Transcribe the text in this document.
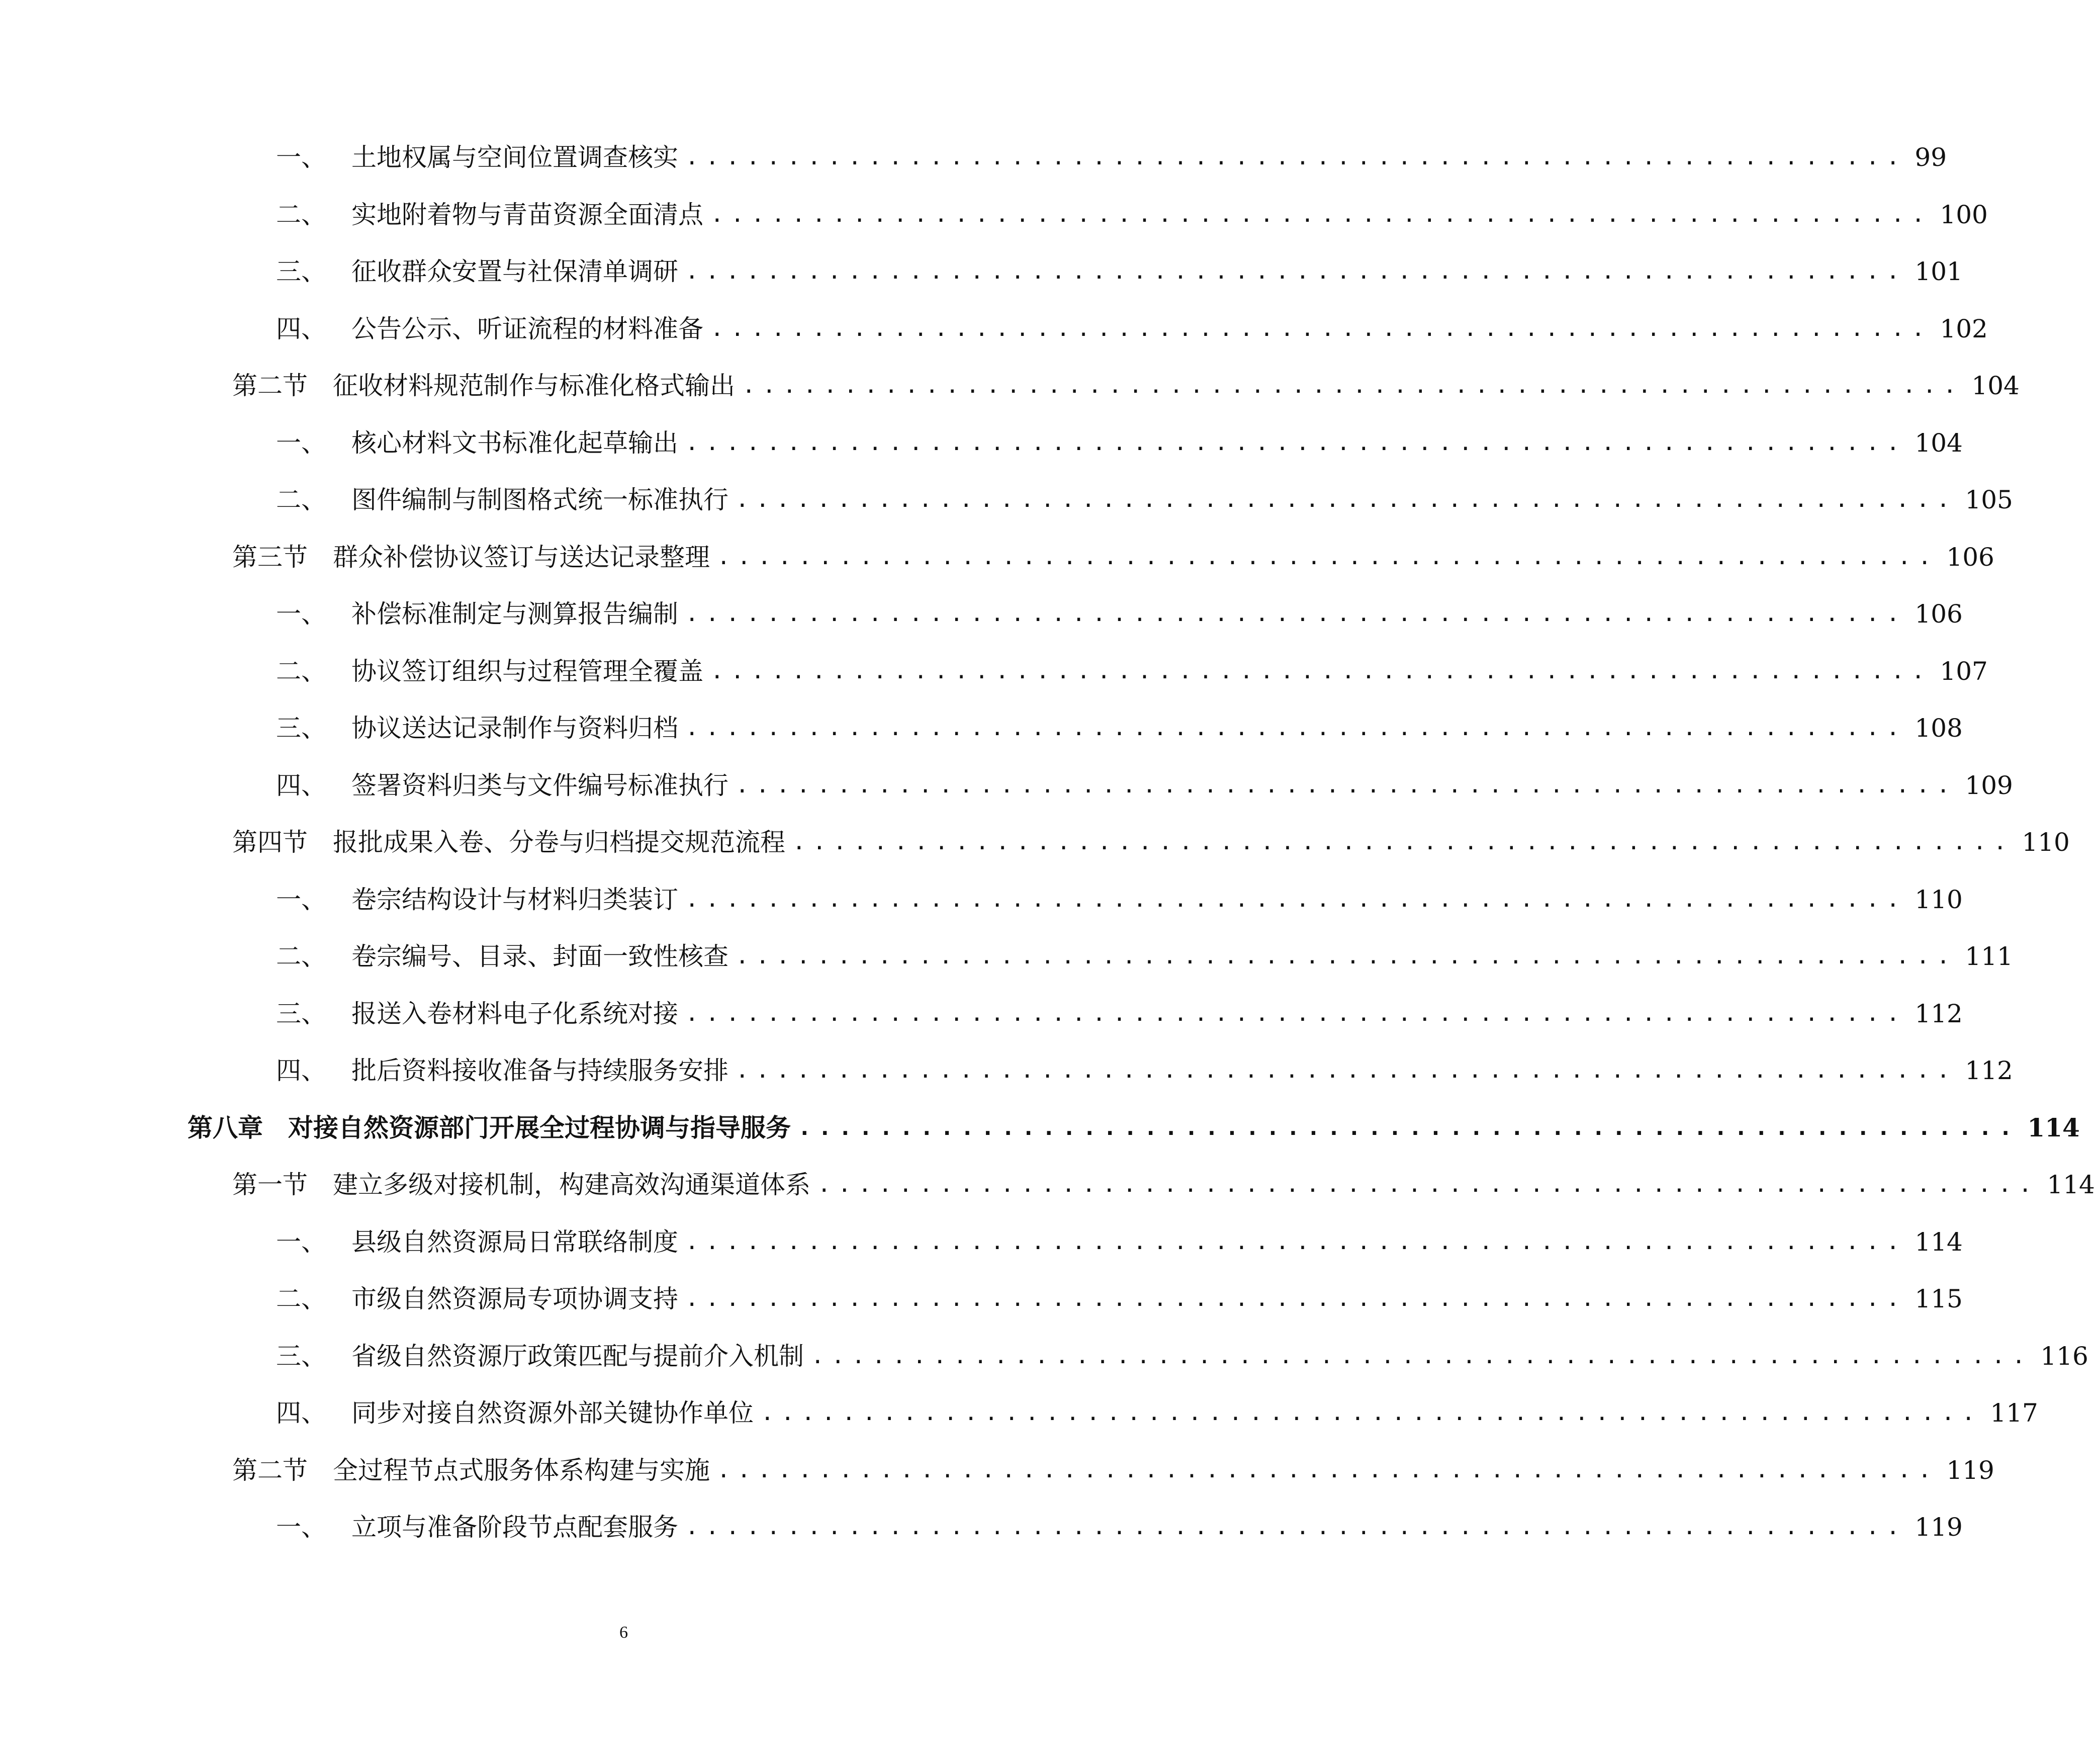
一、	土地权属与空间位置调查核实 ............................................................ 99
二、	实地附着物与青苗资源全面清点 ............................................................ 100
三、	征收群众安置与社保清单调研 ............................................................ 101
四、	公告公示、听证流程的材料准备 ............................................................ 102
第二节	征收材料规范制作与标准化格式输出 ............................................................ 104
一、	核心材料文书标准化起草输出 ............................................................ 104
二、	图件编制与制图格式统一标准执行 ............................................................ 105
第三节	群众补偿协议签订与送达记录整理 ............................................................ 106
一、	补偿标准制定与测算报告编制 ............................................................ 106
二、	协议签订组织与过程管理全覆盖 ............................................................ 107
三、	协议送达记录制作与资料归档 ............................................................ 108
四、	签署资料归类与文件编号标准执行 ............................................................ 109
第四节	报批成果入卷、分卷与归档提交规范流程 ............................................................ 110
一、	卷宗结构设计与材料归类装订 ............................................................ 110
二、	卷宗编号、目录、封面一致性核查 ............................................................ 111
三、	报送入卷材料电子化系统对接 ............................................................ 112
四、	批后资料接收准备与持续服务安排 ............................................................ 112
第八章	对接自然资源部门开展全过程协调与指导服务 ............................................................ 114
第一节	建立多级对接机制，构建高效沟通渠道体系 ............................................................ 114
一、	县级自然资源局日常联络制度 ............................................................ 114
二、	市级自然资源局专项协调支持 ............................................................ 115
三、	省级自然资源厅政策匹配与提前介入机制 ............................................................ 116
四、	同步对接自然资源外部关键协作单位 ............................................................ 117
第二节	全过程节点式服务体系构建与实施 ............................................................ 119
一、	立项与准备阶段节点配套服务 ............................................................ 119
6
